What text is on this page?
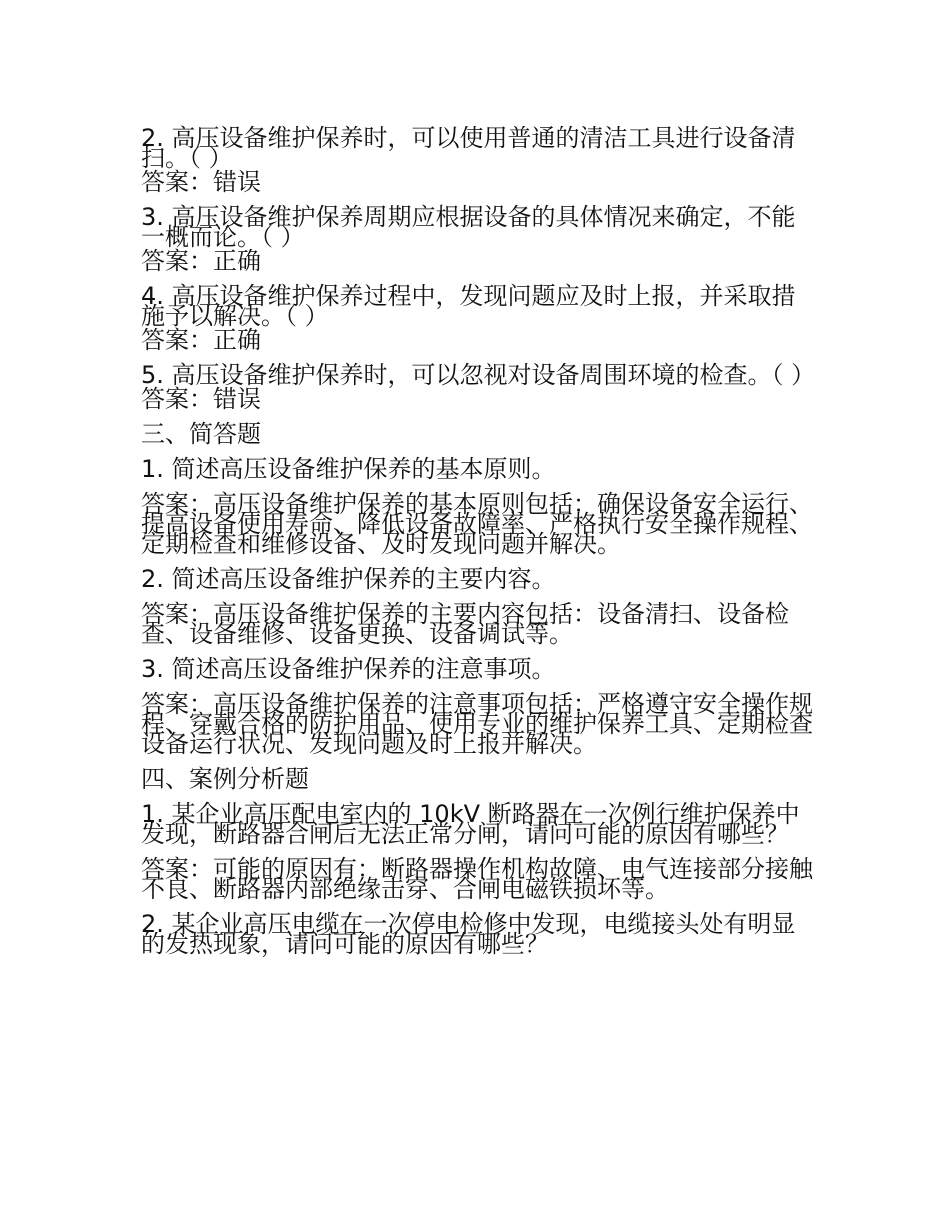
2. 高压设备维护保养时，可以使用普通的清洁工具进行设备清扫。（ ）

答案：错误

3. 高压设备维护保养周期应根据设备的具体情况来确定，不能一概而论。（ ）

答案：正确

4. 高压设备维护保养过程中，发现问题应及时上报，并采取措施予以解决。（ ）

答案：正确

5. 高压设备维护保养时，可以忽视对设备周围环境的检查。（ ）

答案：错误

三、简答题

1. 简述高压设备维护保养的基本原则。

答案：高压设备维护保养的基本原则包括：确保设备安全运行、提高设备使用寿命、降低设备故障率、严格执行安全操作规程、定期检查和维修设备、及时发现问题并解决。

2. 简述高压设备维护保养的主要内容。

答案：高压设备维护保养的主要内容包括：设备清扫、设备检查、设备维修、设备更换、设备调试等。

3. 简述高压设备维护保养的注意事项。

答案：高压设备维护保养的注意事项包括：严格遵守安全操作规程、穿戴合格的防护用品、使用专业的维护保养工具、定期检查设备运行状况、发现问题及时上报并解决。

四、案例分析题

1. 某企业高压配电室内的 10kV 断路器在一次例行维护保养中发现，断路器合闸后无法正常分闸，请问可能的原因有哪些？

答案：可能的原因有：断路器操作机构故障、电气连接部分接触不良、断路器内部绝缘击穿、合闸电磁铁损坏等。

2. 某企业高压电缆在一次停电检修中发现，电缆接头处有明显的发热现象，请问可能的原因有哪些？
